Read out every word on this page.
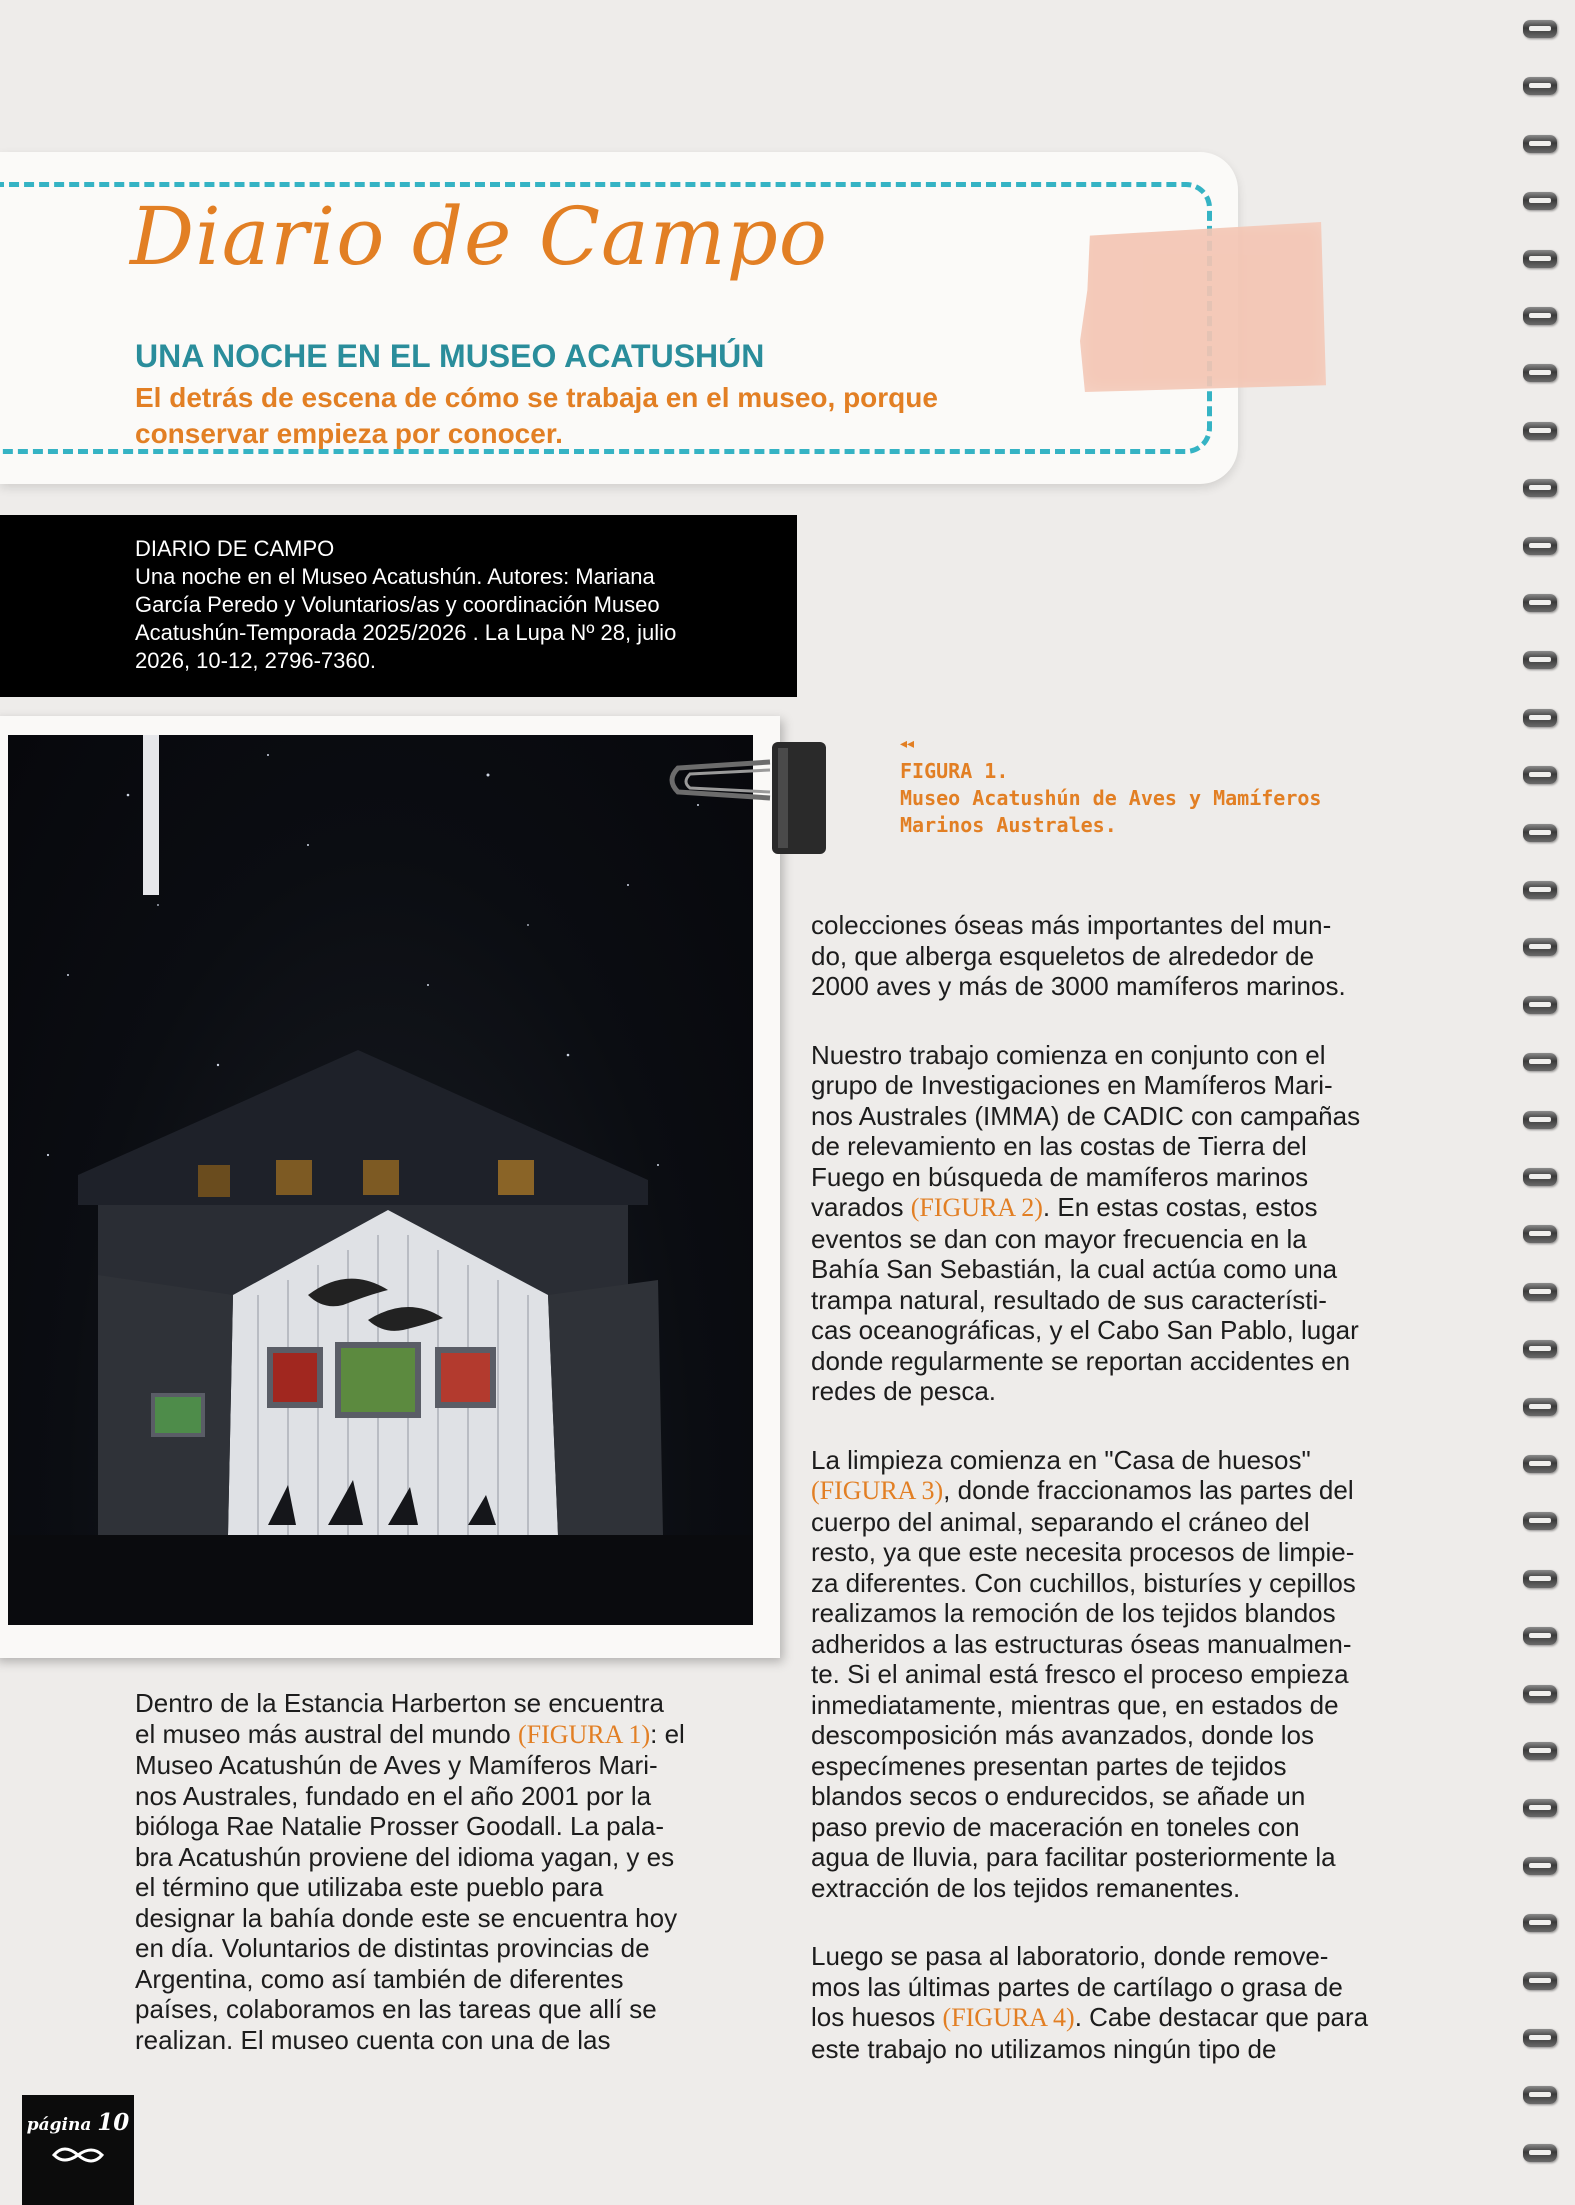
Diario de Campo
UNA NOCHE EN EL MUSEO ACATUSHÚN
El detrás de escena de cómo se trabaja en el museo, porque
conservar empieza por conocer.
DIARIO DE CAMPO
Una noche en el Museo Acatushún. Autores: Mariana
García Peredo y Voluntarios/as y coordinación Museo
Acatushún-Temporada 2025/2026 . La Lupa Nº 28, julio
2026, 10-12, 2796-7360.
◂◂
FIGURA 1.
Museo Acatushún de Aves y Mamíferos
Marinos Australes.

Dentro de la Estancia Harberton se encuentra
el museo más austral del mundo (FIGURA 1): el
Museo Acatushún de Aves y Mamíferos Mari-
nos Australes, fundado en el año 2001 por la
bióloga Rae Natalie Prosser Goodall. La pala-
bra Acatushún proviene del idioma yagan, y es
el término que utilizaba este pueblo para
designar la bahía donde este se encuentra hoy
en día. Voluntarios de distintas provincias de
Argentina, como así también de diferentes
países, colaboramos en las tareas que allí se
realizan. El museo cuenta con una de las

colecciones óseas más importantes del mun-
do, que alberga esqueletos de alrededor de
2000 aves y más de 3000 mamíferos marinos.

Nuestro trabajo comienza en conjunto con el
grupo de Investigaciones en Mamíferos Mari-
nos Australes (IMMA) de CADIC con campañas
de relevamiento en las costas de Tierra del
Fuego en búsqueda de mamíferos marinos
varados (FIGURA 2). En estas costas, estos
eventos se dan con mayor frecuencia en la
Bahía San Sebastián, la cual actúa como una
trampa natural, resultado de sus característi-
cas oceanográficas, y el Cabo San Pablo, lugar
donde regularmente se reportan accidentes en
redes de pesca.

La limpieza comienza en "Casa de huesos"
(FIGURA 3), donde fraccionamos las partes del
cuerpo del animal, separando el cráneo del
resto, ya que este necesita procesos de limpie-
za diferentes. Con cuchillos, bisturíes y cepillos
realizamos la remoción de los tejidos blandos
adheridos a las estructuras óseas manualmen-
te. Si el animal está fresco el proceso empieza
inmediatamente, mientras que, en estados de
descomposición más avanzados, donde los
especímenes presentan partes de tejidos
blandos secos o endurecidos, se añade un
paso previo de maceración en toneles con
agua de lluvia, para facilitar posteriormente la
extracción de los tejidos remanentes.

Luego se pasa al laboratorio, donde remove-
mos las últimas partes de cartílago o grasa de
los huesos (FIGURA 4). Cabe destacar que para
este trabajo no utilizamos ningún tipo de

página 10
